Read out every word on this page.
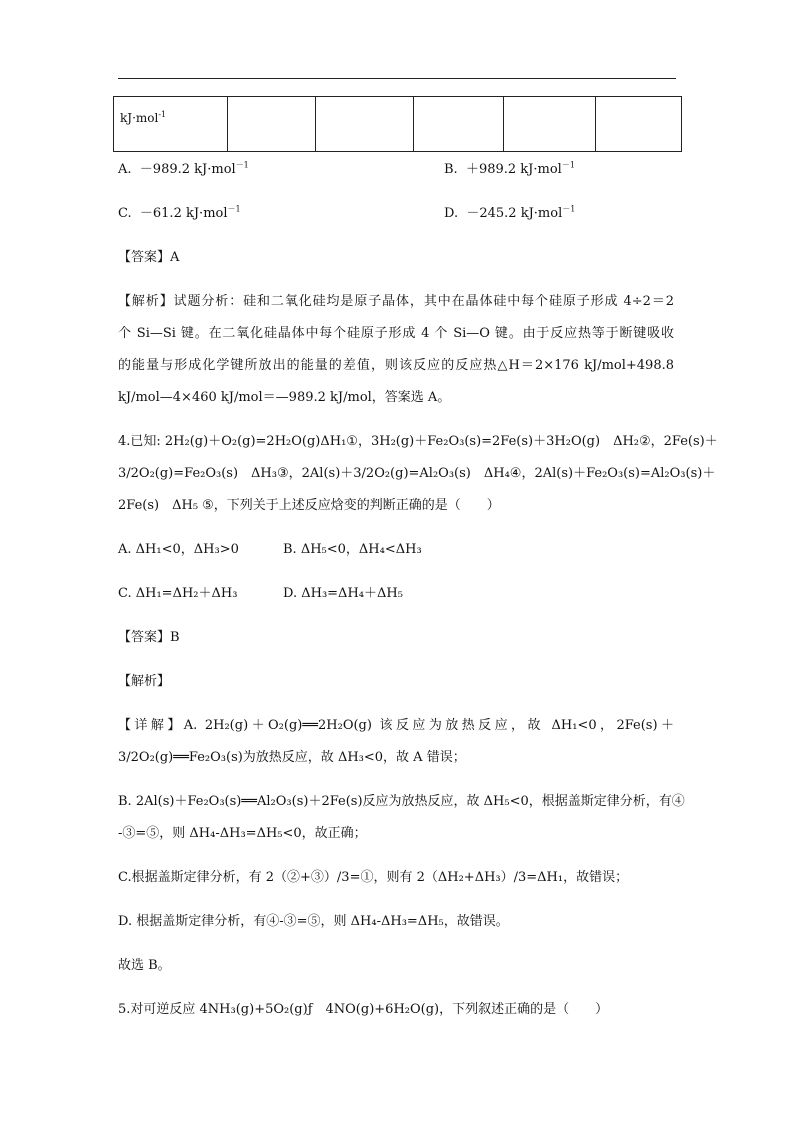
kJ·mol$^{-1}$					
A. －989.2 kJ·mol$^{-1}$	B. ＋989.2 kJ·mol$^{-1}$
C. －61.2 kJ·mol$^{-1}$	D. －245.2 kJ·mol$^{-1}$
【答案】A
【解析】试题分析：硅和二氧化硅均是原子晶体，其中在晶体硅中每个硅原子形成 4÷2＝2
个 Si—Si 键。在二氧化硅晶体中每个硅原子形成 4 个 Si—O 键。由于反应热等于断键吸收
的能量与形成化学键所放出的能量的差值，则该反应的反应热△H＝2×176 kJ/mol+498.8
kJ/mol—4×460 kJ/mol＝—989.2 kJ/mol，答案选 A。
4.已知: 2H₂(g)＋O₂(g)=2H₂O(g)ΔH₁①，3H₂(g)＋Fe₂O₃(s)=2Fe(s)＋3H₂O(g)　ΔH₂②，2Fe(s)＋
3/2O₂(g)=Fe₂O₃(s)　ΔH₃③，2Al(s)＋3/2O₂(g)=Al₂O₃(s)　ΔH₄④，2Al(s)＋Fe₂O₃(s)=Al₂O₃(s)＋
2Fe(s)　ΔH₅ ⑤，下列关于上述反应焓变的判断正确的是（　　）
A. ΔH₁<0，ΔH₃>0	B. ΔH₅<0，ΔH₄<ΔH₃
C. ΔH₁=ΔH₂＋ΔH₃	D. ΔH₃=ΔH₄＋ΔH₅
【答案】B
【解析】
【详解】A. 2H₂(g)＋O₂(g)══2H₂O(g) 该反应为放热反应，故 ΔH₁<0，2Fe(s)＋
3/2O₂(g)══Fe₂O₃(s)为放热反应，故 ΔH₃<0，故 A 错误；
B. 2Al(s)＋Fe₂O₃(s)══Al₂O₃(s)＋2Fe(s)反应为放热反应，故 ΔH₅<0，根据盖斯定律分析，有④
-③=⑤，则 ΔH₄-ΔH₃=ΔH₅<0，故正确；
C.根据盖斯定律分析，有 2（②+③）/3=①，则有 2（ΔH₂+ΔH₃）/3=ΔH₁，故错误；
D. 根据盖斯定律分析，有④-③=⑤，则 ΔH₄-ΔH₃=ΔH₅，故错误。
故选 B。
5.对可逆反应 4NH₃(g)+5O₂(g)ƒ　4NO(g)+6H₂O(g)，下列叙述正确的是（　　）
